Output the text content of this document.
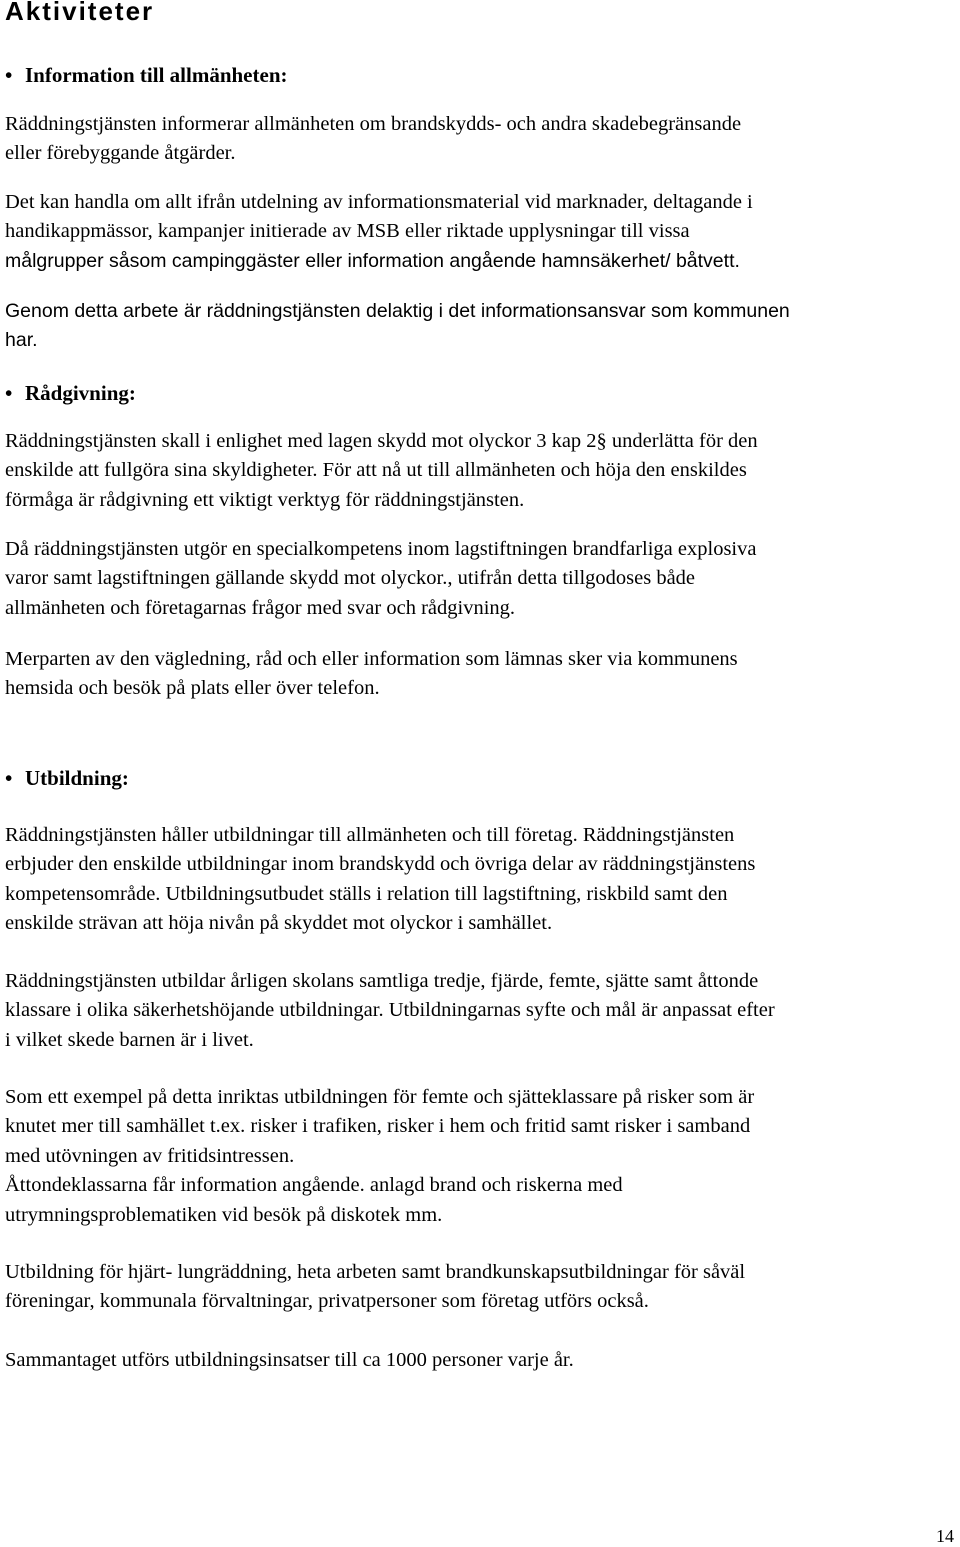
Aktiviteter
• Information till allmänheten:
Räddningstjänsten informerar allmänheten om brandskydds- och andra skadebegränsande
eller förebyggande åtgärder.
Det kan handla om allt ifrån utdelning av informationsmaterial vid marknader, deltagande i
handikappmässor, kampanjer initierade av MSB eller riktade upplysningar till vissa
målgrupper såsom campinggäster eller information angående hamnsäkerhet/ båtvett.
Genom detta arbete är räddningstjänsten delaktig i det informationsansvar som kommunen
har.
• Rådgivning:
Räddningstjänsten skall i enlighet med lagen skydd mot olyckor 3 kap 2§ underlätta för den
enskilde att fullgöra sina skyldigheter. För att nå ut till allmänheten och höja den enskildes
förmåga är rådgivning ett viktigt verktyg för räddningstjänsten.
Då räddningstjänsten utgör en specialkompetens inom lagstiftningen brandfarliga explosiva
varor samt lagstiftningen gällande skydd mot olyckor., utifrån detta tillgodoses både
allmänheten och företagarnas frågor med svar och rådgivning.
Merparten av den vägledning, råd och eller information som lämnas sker via kommunens
hemsida och besök på plats eller över telefon.
• Utbildning:
Räddningstjänsten håller utbildningar till allmänheten och till företag. Räddningstjänsten
erbjuder den enskilde utbildningar inom brandskydd och övriga delar av räddningstjänstens
kompetensområde. Utbildningsutbudet ställs i relation till lagstiftning, riskbild samt den
enskilde strävan att höja nivån på skyddet mot olyckor i samhället.
Räddningstjänsten utbildar årligen skolans samtliga tredje, fjärde, femte, sjätte samt åttonde
klassare i olika säkerhetshöjande utbildningar. Utbildningarnas syfte och mål är anpassat efter
i vilket skede barnen är i livet.
Som ett exempel på detta inriktas utbildningen för femte och sjätteklassare på risker som är
knutet mer till samhället t.ex. risker i trafiken, risker i hem och fritid samt risker i samband
med utövningen av fritidsintressen.
Åttondeklassarna får information angående. anlagd brand och riskerna med
utrymningsproblematiken vid besök på diskotek mm.
Utbildning för hjärt- lungräddning, heta arbeten samt brandkunskapsutbildningar för såväl
föreningar, kommunala förvaltningar, privatpersoner som företag utförs också.
Sammantaget utförs utbildningsinsatser till ca 1000 personer varje år.
14
